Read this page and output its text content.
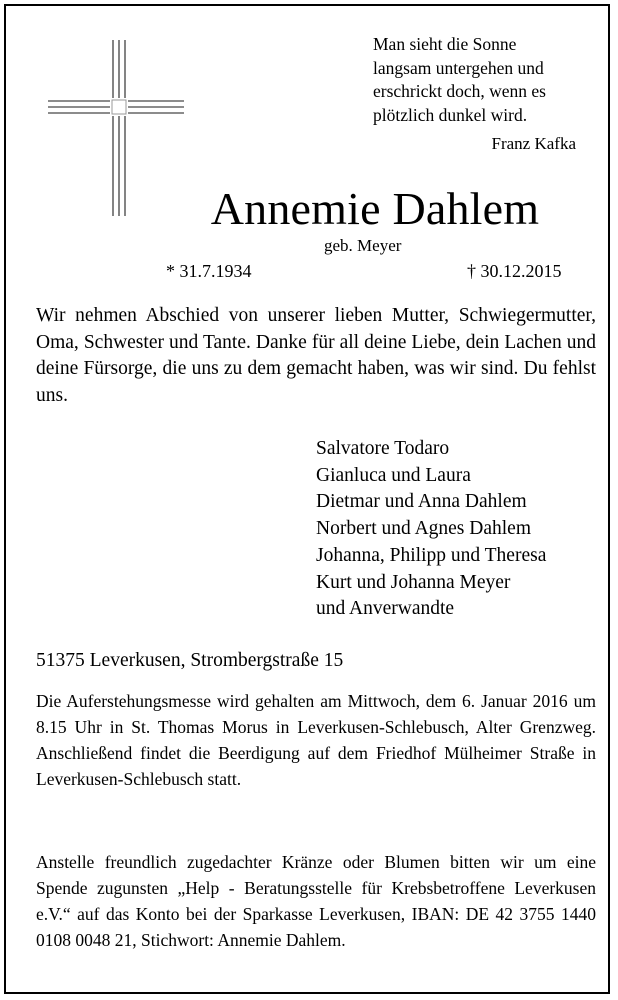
Man sieht die Sonne
langsam untergehen und
erschrickt doch, wenn es
plötzlich dunkel wird.
Franz Kafka
Annemie Dahlem
geb. Meyer
* 31.7.1934	† 30.12.2015
Wir nehmen Abschied von unserer lieben Mutter, Schwiegermutter, Oma, Schwester und Tante. Danke für all deine Liebe, dein Lachen und deine Fürsorge, die uns zu dem gemacht haben, was wir sind. Du fehlst uns.
Salvatore Todaro
Gianluca und Laura
Dietmar und Anna Dahlem
Norbert und Agnes Dahlem
Johanna, Philipp und Theresa
Kurt und Johanna Meyer
und Anverwandte
51375 Leverkusen, Strombergstraße 15
Die Auferstehungsmesse wird gehalten am Mittwoch, dem 6. Januar 2016 um 8.15 Uhr in St. Thomas Morus in Leverkusen-Schlebusch, Alter Grenzweg. Anschließend findet die Beerdigung auf dem Friedhof Mülheimer Straße in Leverkusen-Schlebusch statt.
Anstelle freundlich zugedachter Kränze oder Blumen bitten wir um eine Spende zugunsten „Help - Beratungsstelle für Krebsbetroffene Leverkusen e.V.“ auf das Konto bei der Sparkasse Leverkusen, IBAN: DE 42 3755 1440 0108 0048 21, Stichwort: Annemie Dahlem.
